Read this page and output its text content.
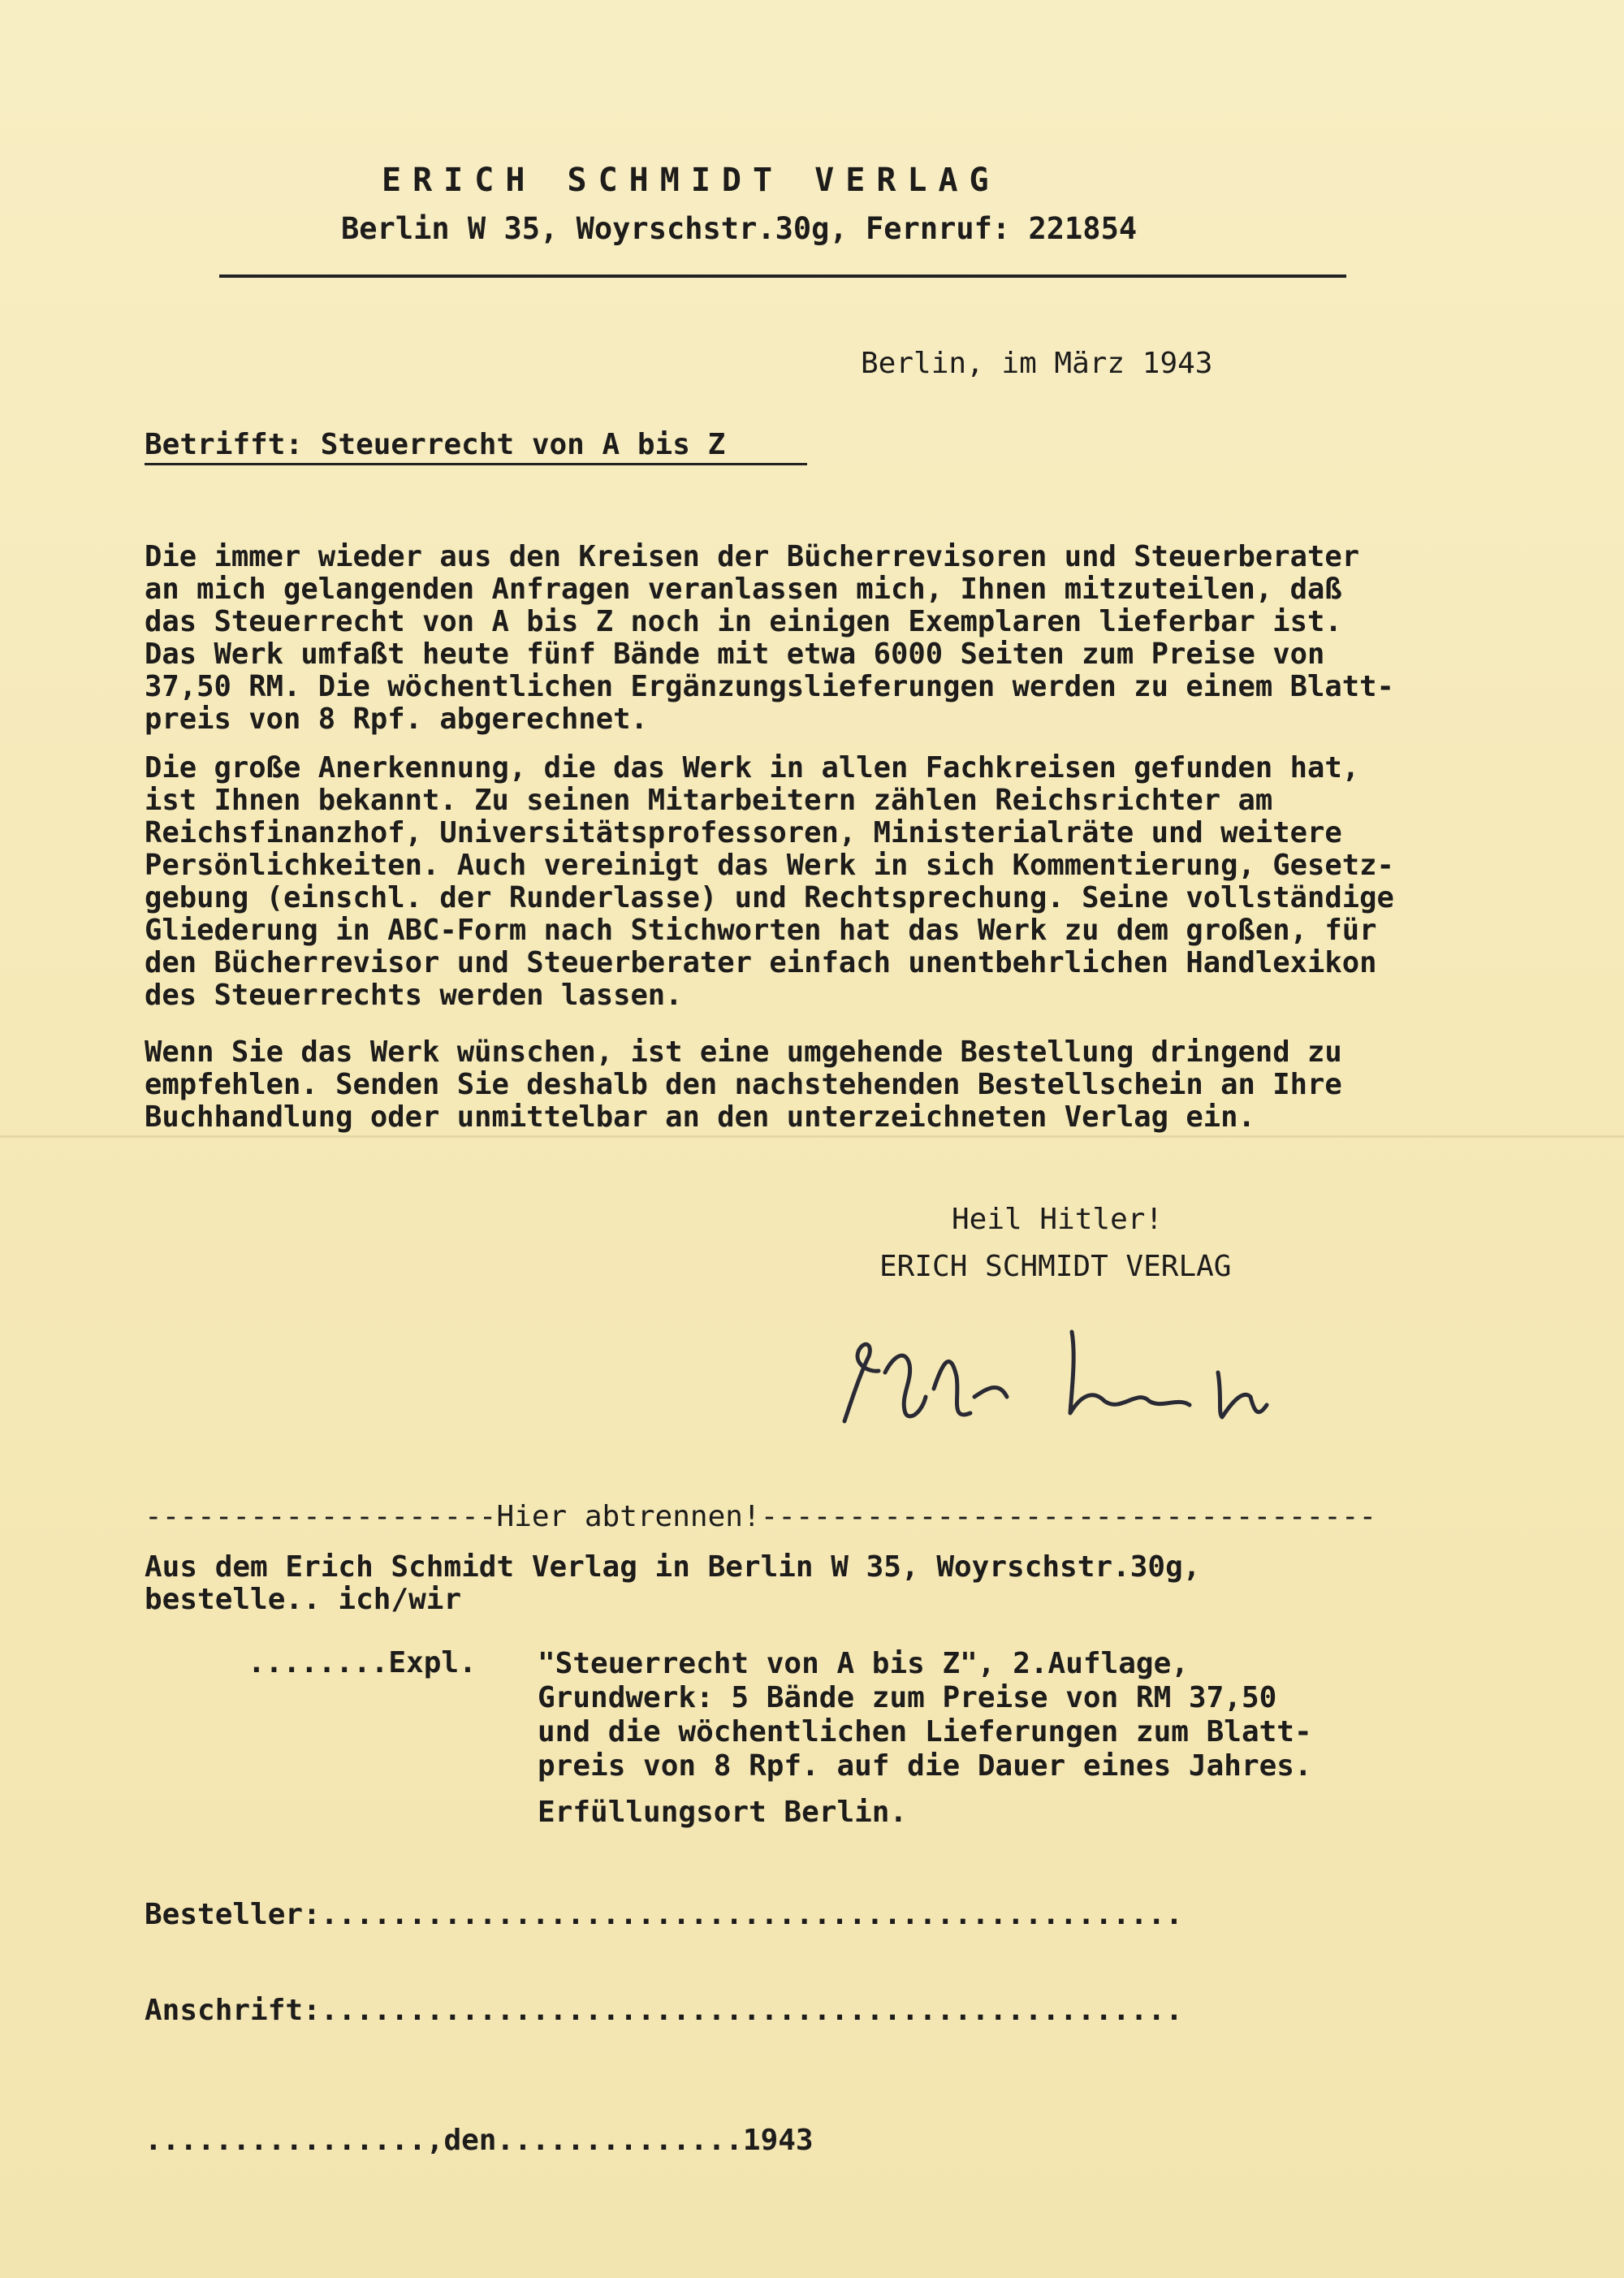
ERICH SCHMIDT VERLAG
Berlin W 35, Woyrschstr.30g, Fernruf: 221854
Berlin, im März 1943
Betrifft: Steuerrecht von A bis Z
Die immer wieder aus den Kreisen der Bücherrevisoren und Steuerberater
an mich gelangenden Anfragen veranlassen mich, Ihnen mitzuteilen, daß
das Steuerrecht von A bis Z noch in einigen Exemplaren lieferbar ist.
Das Werk umfaßt heute fünf Bände mit etwa 6000 Seiten zum Preise von
37,50 RM. Die wöchentlichen Ergänzungslieferungen werden zu einem Blatt-
preis von 8 Rpf. abgerechnet.
Die große Anerkennung, die das Werk in allen Fachkreisen gefunden hat,
ist Ihnen bekannt. Zu seinen Mitarbeitern zählen Reichsrichter am
Reichsfinanzhof, Universitätsprofessoren, Ministerialräte und weitere
Persönlichkeiten. Auch vereinigt das Werk in sich Kommentierung, Gesetz-
gebung (einschl. der Runderlasse) und Rechtsprechung. Seine vollständige
Gliederung in ABC-Form nach Stichworten hat das Werk zu dem großen, für
den Bücherrevisor und Steuerberater einfach unentbehrlichen Handlexikon
des Steuerrechts werden lassen.
Wenn Sie das Werk wünschen, ist eine umgehende Bestellung dringend zu
empfehlen. Senden Sie deshalb den nachstehenden Bestellschein an Ihre
Buchhandlung oder unmittelbar an den unterzeichneten Verlag ein.
Heil Hitler!
ERICH SCHMIDT VERLAG
--------------------Hier abtrennen!-----------------------------------
Aus dem Erich Schmidt Verlag in Berlin W 35, Woyrschstr.30g,
bestelle.. ich/wir
........Expl. "Steuerrecht von A bis Z", 2.Auflage,
Grundwerk: 5 Bände zum Preise von RM 37,50
und die wöchentlichen Lieferungen zum Blatt-
preis von 8 Rpf. auf die Dauer eines Jahres.
Erfüllungsort Berlin.
Besteller:.................................................
Anschrift:.................................................
................,den..............1943
